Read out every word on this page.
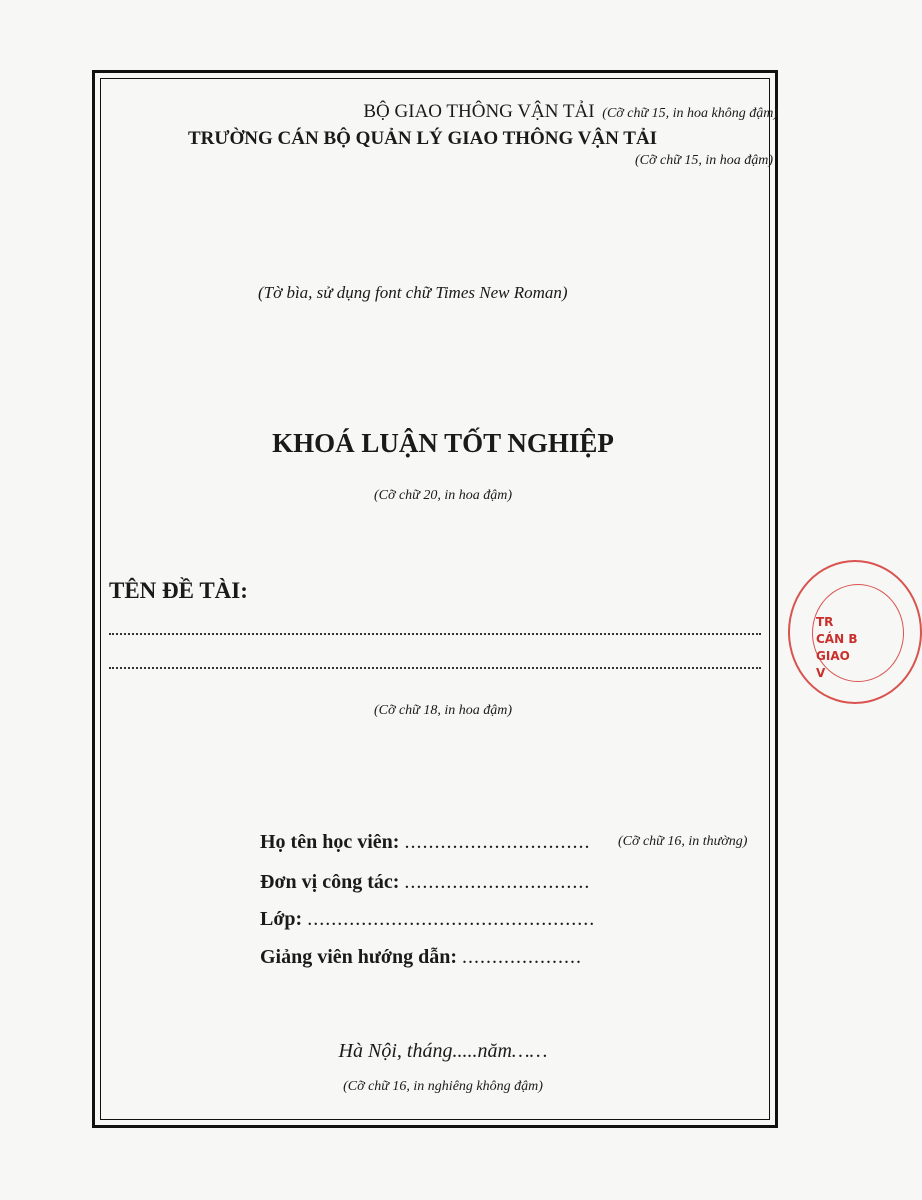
BỘ GIAO THÔNG VẬN TẢI (Cỡ chữ 15, in hoa không đậm)
TRƯỜNG CÁN BỘ QUẢN LÝ GIAO THÔNG VẬN TẢI
(Cỡ chữ 15, in hoa đậm)
(Tờ bìa, sử dụng font chữ Times New Roman)
KHOÁ LUẬN TỐT NGHIỆP
(Cỡ chữ 20, in hoa đậm)
TÊN ĐỀ TÀI:
(Cỡ chữ 18, in hoa đậm)
Họ tên học viên: ............................... (Cỡ chữ 16, in thường)
Đơn vị công tác: ...............................
Lớp: ................................................
Giảng viên hướng dẫn: ....................
Hà Nội, tháng.....năm……
(Cỡ chữ 16, in nghiêng không đậm)
TR
CÁN B
GIAO
V
